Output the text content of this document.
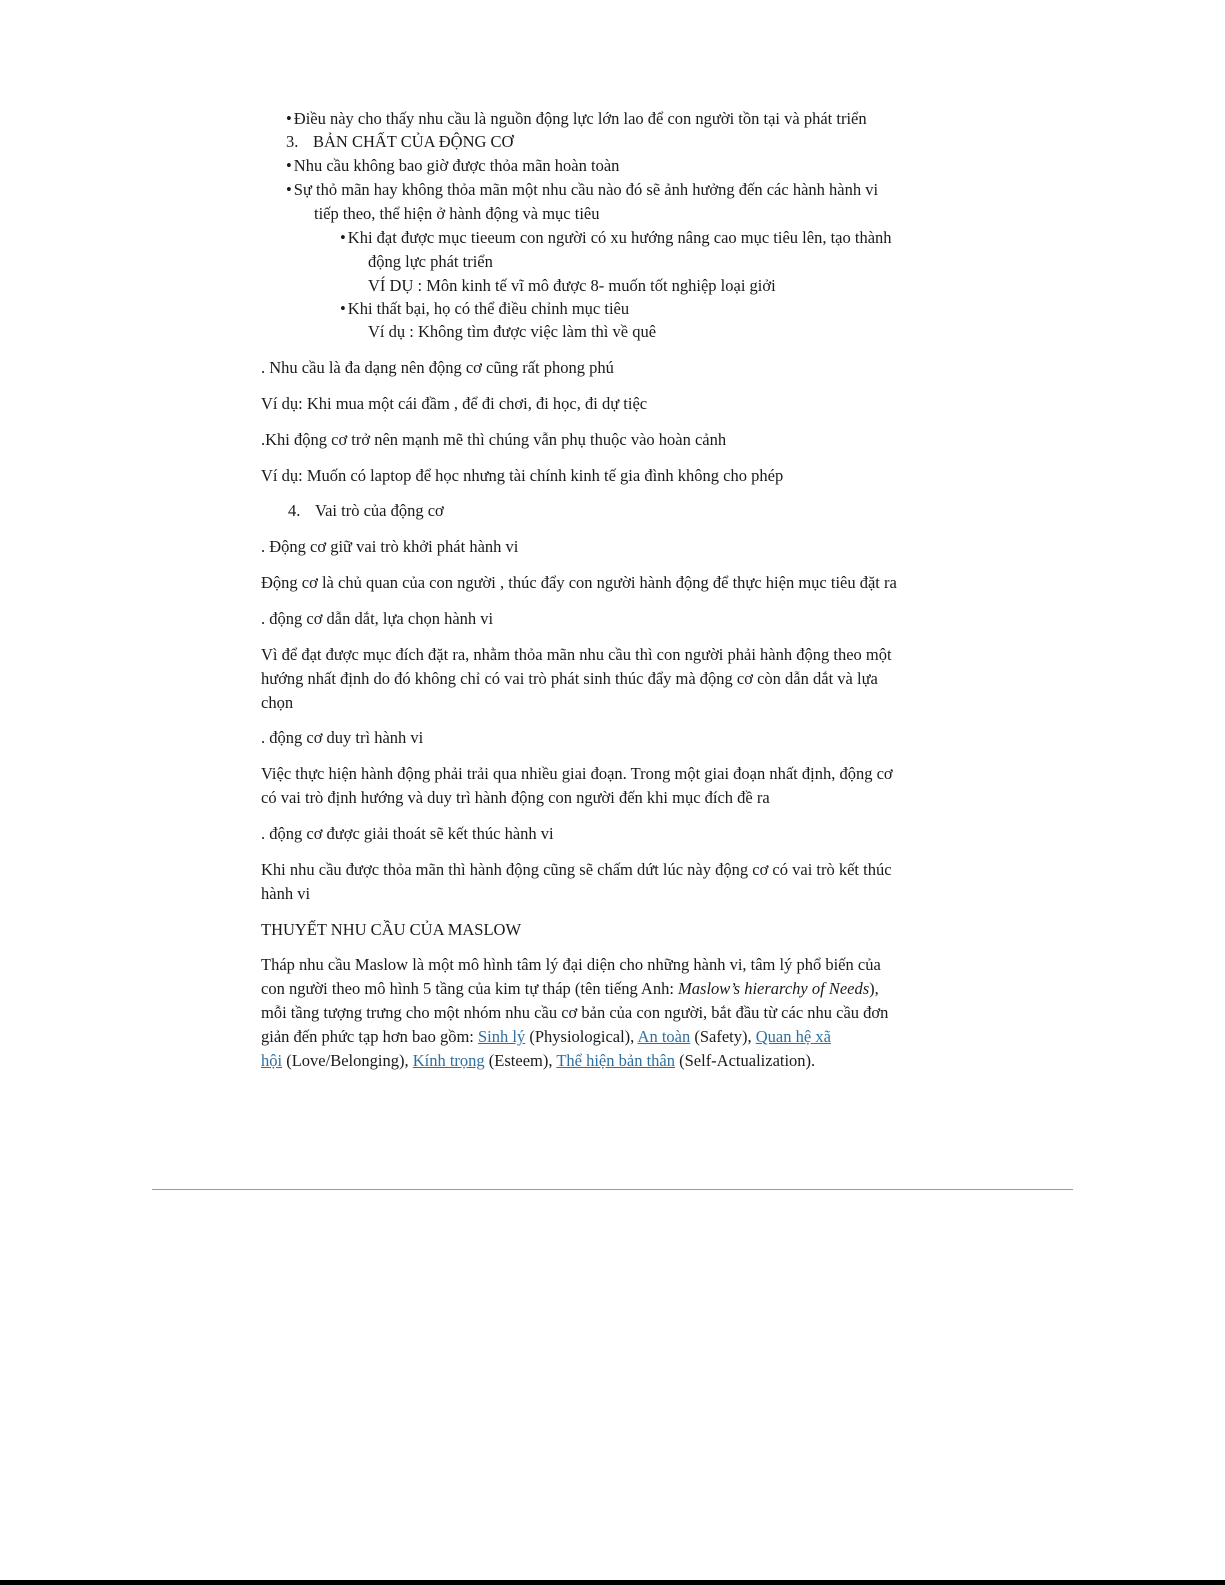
• Điều này cho thấy nhu cầu là nguồn động lực lớn lao để con người tồn tại và phát triển
3. BẢN CHẤT CỦA ĐỘNG CƠ
• Nhu cầu không bao giờ được thỏa mãn hoàn toàn
• Sự thỏ mãn hay không thỏa mãn một nhu cầu nào đó sẽ ảnh hưởng đến các hành hành vi
tiếp theo, thể hiện ở hành động và mục tiêu
• Khi đạt được mục tieeum con người có xu hướng nâng cao mục tiêu lên, tạo thành
động lực phát triển
VÍ DỤ : Môn kinh tế vĩ mô được 8- muốn tốt nghiệp loại giởi
• Khi thất bại, họ có thể điều chỉnh mục tiêu
Ví dụ : Không tìm được việc làm thì về quê
. Nhu cầu là đa dạng nên động cơ cũng rất phong phú
Ví dụ: Khi mua một cái đầm , để đi chơi, đi học, đi dự tiệc
.Khi động cơ trở nên mạnh mẽ thì chúng vẫn phụ thuộc vào hoàn cảnh
Ví dụ: Muốn có laptop để học nhưng tài chính kinh tế gia đình không cho phép
4. Vai trò của động cơ
. Động cơ giữ vai trò khởi phát hành vi
Động cơ là chủ quan của con người , thúc đẩy con người hành động để thực hiện mục tiêu đặt ra
. động cơ dẫn dắt, lựa chọn hành vi
Vì để đạt được mục đích đặt ra, nhằm thỏa mãn nhu cầu thì con người phải hành động theo một
hướng nhất định do đó không chỉ có vai trò phát sinh thúc đẩy mà động cơ còn dẫn dắt và lựa
chọn
. động cơ duy trì hành vi
Việc thực hiện hành động phải trải qua nhiều giai đoạn. Trong một giai đoạn nhất định, động cơ
có vai trò định hướng và duy trì hành động con người đến khi mục đích đề ra
. động cơ được giải thoát sẽ kết thúc hành vi
Khi nhu cầu được thỏa mãn thì hành động cũng sẽ chấm dứt lúc này động cơ có vai trò kết thúc
hành vi
THUYẾT NHU CẦU CỦA MASLOW
Tháp nhu cầu Maslow là một mô hình tâm lý đại diện cho những hành vi, tâm lý phổ biến của
con người theo mô hình 5 tầng của kim tự tháp (tên tiếng Anh: Maslow’s hierarchy of Needs),
mỗi tầng tượng trưng cho một nhóm nhu cầu cơ bản của con người, bắt đầu từ các nhu cầu đơn
giản đến phức tạp hơn bao gồm: Sinh lý (Physiological), An toàn (Safety), Quan hệ xã
hội (Love/Belonging), Kính trọng (Esteem), Thể hiện bản thân (Self-Actualization).
